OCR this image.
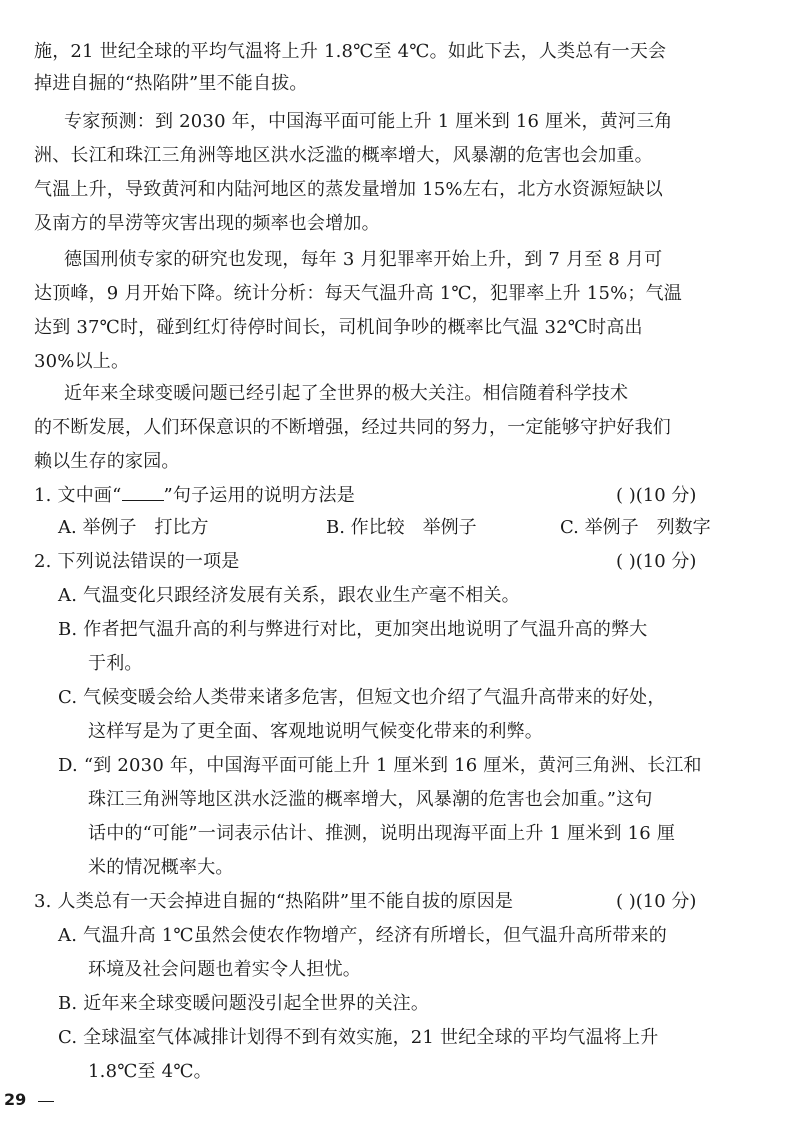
施，21 世纪全球的平均气温将上升 1.8℃至 4℃。如此下去，人类总有一天会
掉进自掘的“热陷阱”里不能自拔。
专家预测：到 2030 年，中国海平面可能上升 1 厘米到 16 厘米，黄河三角
洲、长江和珠江三角洲等地区洪水泛滥的概率增大，风暴潮的危害也会加重。
气温上升，导致黄河和内陆河地区的蒸发量增加 15%左右，北方水资源短缺以
及南方的旱涝等灾害出现的频率也会增加。
德国刑侦专家的研究也发现，每年 3 月犯罪率开始上升，到 7 月至 8 月可
达顶峰，9 月开始下降。统计分析：每天气温升高 1℃，犯罪率上升 15%；气温
达到 37℃时，碰到红灯待停时间长，司机间争吵的概率比气温 32℃时高出
30%以上。
近年来全球变暖问题已经引起了全世界的极大关注。相信随着科学技术
的不断发展，人们环保意识的不断增强，经过共同的努力，一定能够守护好我们
赖以生存的家园。
1. 文中画“ ”句子运用的说明方法是	( )(10 分)
A. 举例子　打比方	B. 作比较　举例子	C. 举例子　列数字
2. 下列说法错误的一项是	( )(10 分)
A. 气温变化只跟经济发展有关系，跟农业生产毫不相关。
B. 作者把气温升高的利与弊进行对比，更加突出地说明了气温升高的弊大
于利。
C. 气候变暖会给人类带来诸多危害，但短文也介绍了气温升高带来的好处，
这样写是为了更全面、客观地说明气候变化带来的利弊。
D. “到 2030 年，中国海平面可能上升 1 厘米到 16 厘米，黄河三角洲、长江和
珠江三角洲等地区洪水泛滥的概率增大，风暴潮的危害也会加重。”这句
话中的“可能”一词表示估计、推测，说明出现海平面上升 1 厘米到 16 厘
米的情况概率大。
3. 人类总有一天会掉进自掘的“热陷阱”里不能自拔的原因是	( )(10 分)
A. 气温升高 1℃虽然会使农作物增产，经济有所增长，但气温升高所带来的
环境及社会问题也着实令人担忧。
B. 近年来全球变暖问题没引起全世界的关注。
C. 全球温室气体减排计划得不到有效实施，21 世纪全球的平均气温将上升
1.8℃至 4℃。
29
